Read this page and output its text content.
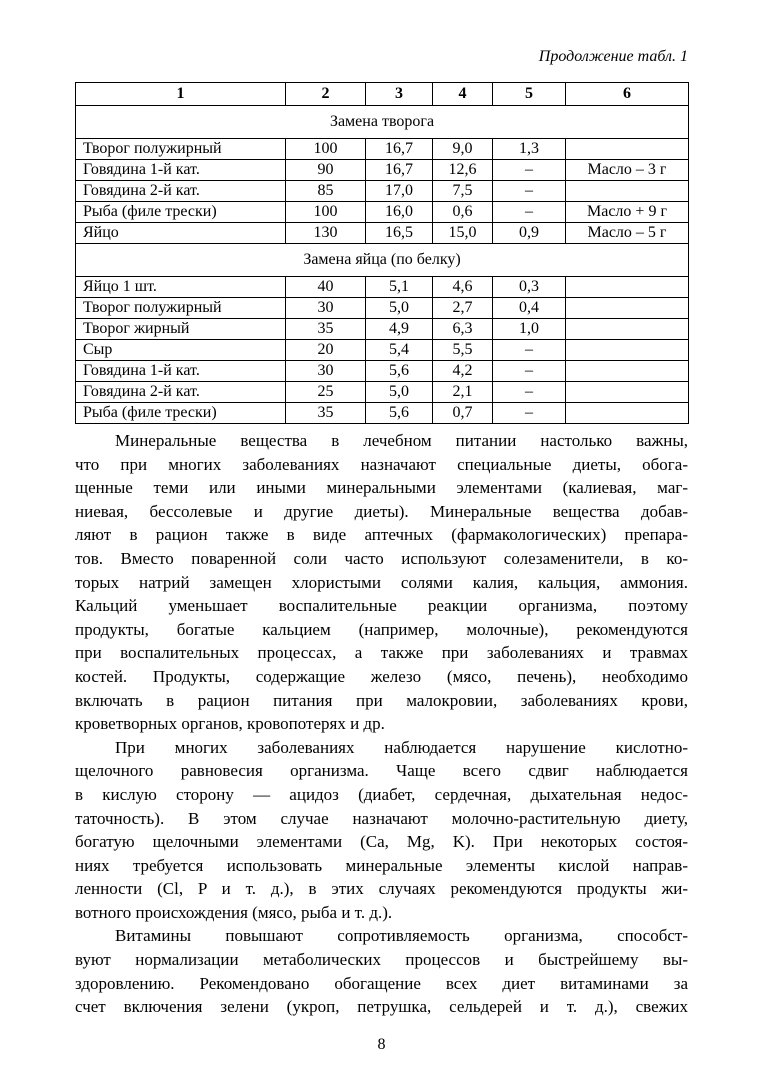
Продолжение табл. 1
1	2	3	4	5	6
Замена творога					
Творог полужирный	100	16,7	9,0	1,3	
Говядина 1-й кат.	90	16,7	12,6	–	Масло – 3 г
Говядина 2-й кат.	85	17,0	7,5	–	
Рыба (филе трески)	100	16,0	0,6	–	Масло + 9 г
Яйцо	130	16,5	15,0	0,9	Масло – 5 г
Замена яйца (по белку)					
Яйцо 1 шт.	40	5,1	4,6	0,3	
Творог полужирный	30	5,0	2,7	0,4	
Творог жирный	35	4,9	6,3	1,0	
Сыр	20	5,4	5,5	–	
Говядина 1-й кат.	30	5,6	4,2	–	
Говядина 2-й кат.	25	5,0	2,1	–	
Рыба (филе трески)	35	5,6	0,7	–	
Минеральные вещества в лечебном питании настолько важны,
что при многих заболеваниях назначают специальные диеты, обога-
щенные теми или иными минеральными элементами (калиевая, маг-
ниевая, бессолевые и другие диеты). Минеральные вещества добав-
ляют в рацион также в виде аптечных (фармакологических) препара-
тов. Вместо поваренной соли часто используют солезаменители, в ко-
торых натрий замещен хлористыми солями калия, кальция, аммония.
Кальций уменьшает воспалительные реакции организма, поэтому
продукты, богатые кальцием (например, молочные), рекомендуются
при воспалительных процессах, а также при заболеваниях и травмах
костей. Продукты, содержащие железо (мясо, печень), необходимо
включать в рацион питания при малокровии, заболеваниях крови,
кроветворных органов, кровопотерях и др.
При многих заболеваниях наблюдается нарушение кислотно-
щелочного равновесия организма. Чаще всего сдвиг наблюдается
в кислую сторону — ацидоз (диабет, сердечная, дыхательная недос-
таточность). В этом случае назначают молочно-растительную диету,
богатую щелочными элементами (Ca, Mg, K). При некоторых состоя-
ниях требуется использовать минеральные элементы кислой направ-
ленности (Cl, P и т. д.), в этих случаях рекомендуются продукты жи-
вотного происхождения (мясо, рыба и т. д.).
Витамины повышают сопротивляемость организма, способст-
вуют нормализации метаболических процессов и быстрейшему вы-
здоровлению. Рекомендовано обогащение всех диет витаминами за
счет включения зелени (укроп, петрушка, сельдерей и т. д.), свежих
8
